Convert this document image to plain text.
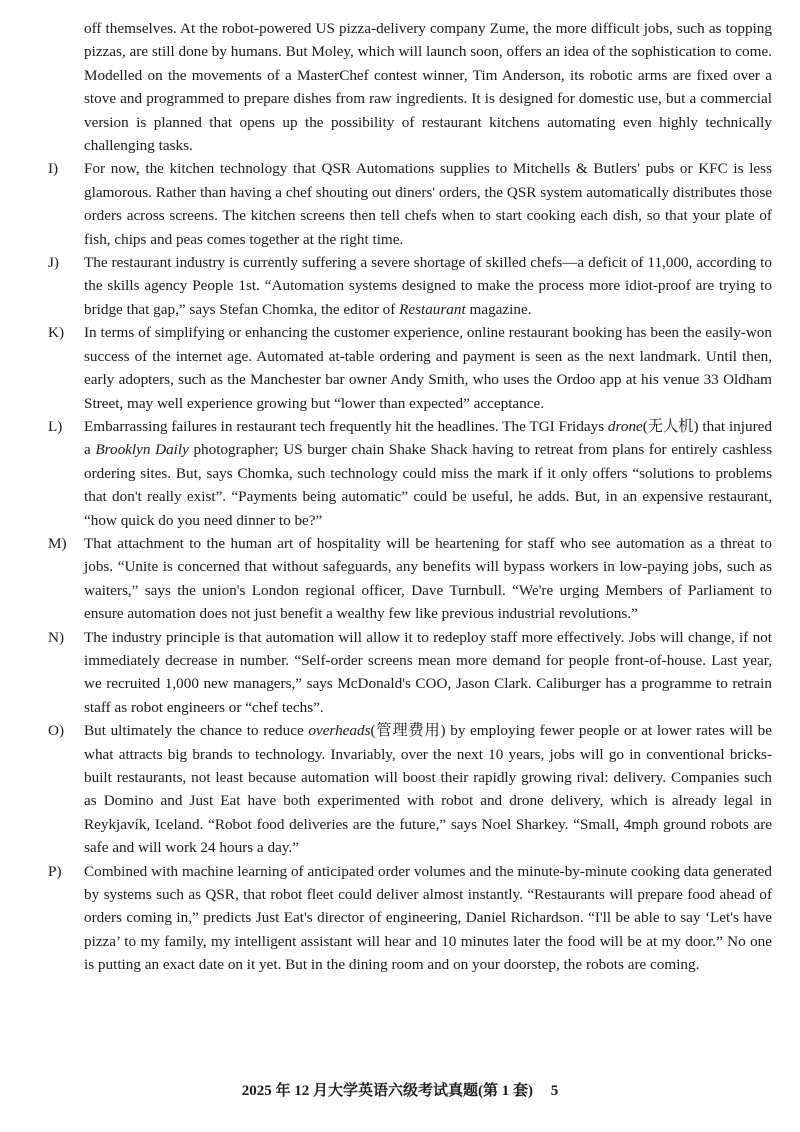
off themselves. At the robot-powered US pizza-delivery company Zume, the more difficult jobs, such as topping pizzas, are still done by humans. But Moley, which will launch soon, offers an idea of the sophistication to come. Modelled on the movements of a MasterChef contest winner, Tim Anderson, its robotic arms are fixed over a stove and programmed to prepare dishes from raw ingredients. It is designed for domestic use, but a commercial version is planned that opens up the possibility of restaurant kitchens automating even highly technically challenging tasks.
I) For now, the kitchen technology that QSR Automations supplies to Mitchells & Butlers' pubs or KFC is less glamorous. Rather than having a chef shouting out diners' orders, the QSR system automatically distributes those orders across screens. The kitchen screens then tell chefs when to start cooking each dish, so that your plate of fish, chips and peas comes together at the right time.
J) The restaurant industry is currently suffering a severe shortage of skilled chefs—a deficit of 11,000, according to the skills agency People 1st. “Automation systems designed to make the process more idiot-proof are trying to bridge that gap,” says Stefan Chomka, the editor of Restaurant magazine.
K) In terms of simplifying or enhancing the customer experience, online restaurant booking has been the easily-won success of the internet age. Automated at-table ordering and payment is seen as the next landmark. Until then, early adopters, such as the Manchester bar owner Andy Smith, who uses the Ordoo app at his venue 33 Oldham Street, may well experience growing but “lower than expected” acceptance.
L) Embarrassing failures in restaurant tech frequently hit the headlines. The TGI Fridays drone(无人机) that injured a Brooklyn Daily photographer; US burger chain Shake Shack having to retreat from plans for entirely cashless ordering sites. But, says Chomka, such technology could miss the mark if it only offers “solutions to problems that don't really exist”. “Payments being automatic” could be useful, he adds. But, in an expensive restaurant, “how quick do you need dinner to be?”
M) That attachment to the human art of hospitality will be heartening for staff who see automation as a threat to jobs. “Unite is concerned that without safeguards, any benefits will bypass workers in low-paying jobs, such as waiters,” says the union's London regional officer, Dave Turnbull. “We're urging Members of Parliament to ensure automation does not just benefit a wealthy few like previous industrial revolutions.”
N) The industry principle is that automation will allow it to redeploy staff more effectively. Jobs will change, if not immediately decrease in number. “Self-order screens mean more demand for people front-of-house. Last year, we recruited 1,000 new managers,” says McDonald's COO, Jason Clark. Caliburger has a programme to retrain staff as robot engineers or “chef techs”.
O) But ultimately the chance to reduce overheads(管理费用) by employing fewer people or at lower rates will be what attracts big brands to technology. Invariably, over the next 10 years, jobs will go in conventional bricks-built restaurants, not least because automation will boost their rapidly growing rival: delivery. Companies such as Domino and Just Eat have both experimented with robot and drone delivery, which is already legal in Reykjavík, Iceland. “Robot food deliveries are the future,” says Noel Sharkey. “Small, 4mph ground robots are safe and will work 24 hours a day.”
P) Combined with machine learning of anticipated order volumes and the minute-by-minute cooking data generated by systems such as QSR, that robot fleet could deliver almost instantly. “Restaurants will prepare food ahead of orders coming in,” predicts Just Eat's director of engineering, Daniel Richardson. “I'll be able to say ‘Let's have pizza’ to my family, my intelligent assistant will hear and 10 minutes later the food will be at my door.” No one is putting an exact date on it yet. But in the dining room and on your doorstep, the robots are coming.
2025 年 12 月大学英语六级考试真题(第 1 套) 5
